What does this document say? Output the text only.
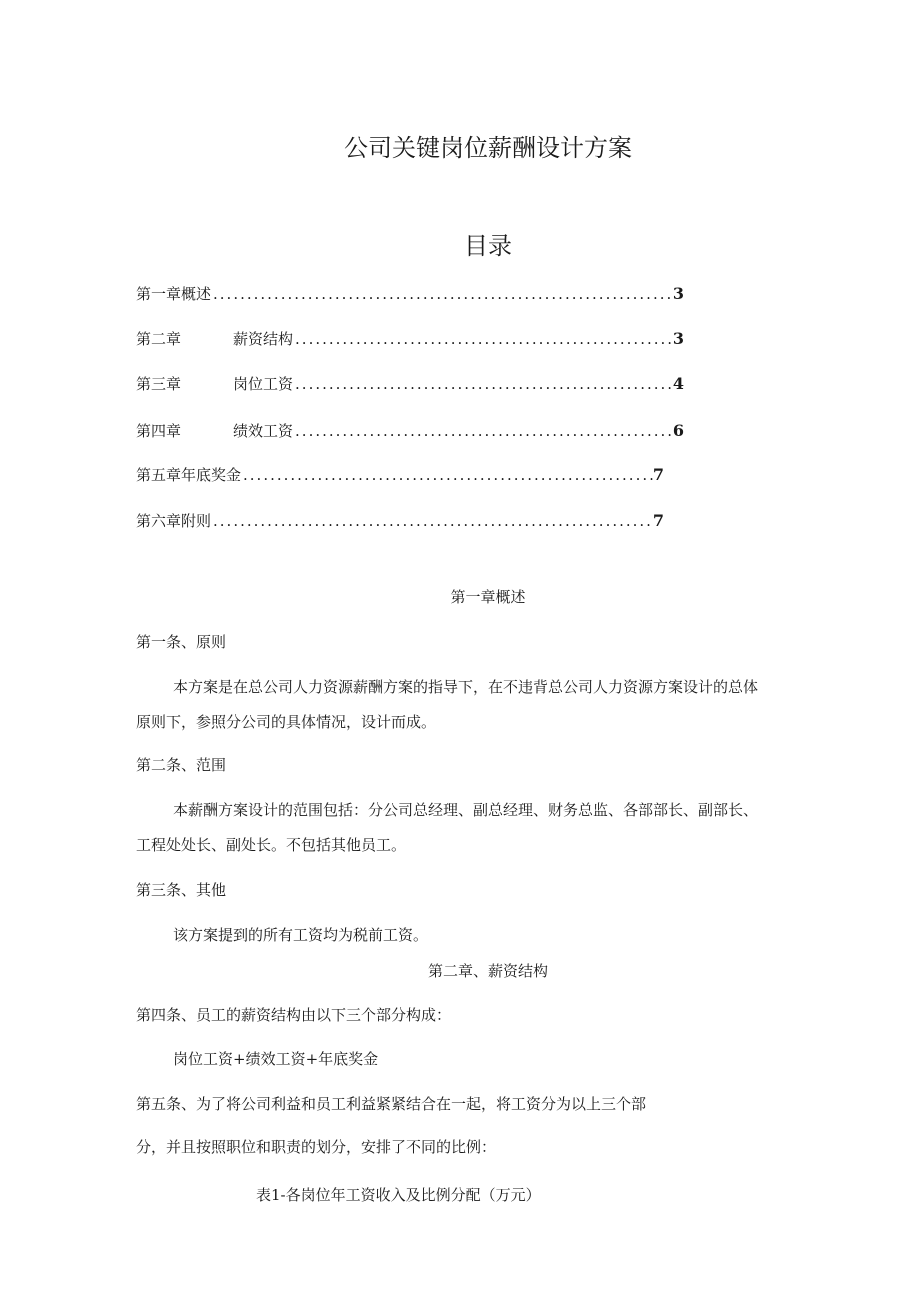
公司关键岗位薪酬设计方案
目录
第一章概述 .....	3
第二章	薪资结构 .....	3
第三章	岗位工资 .....	4
第四章	绩效工资 .....	6
第五章年底奖金 .....	7
第六章附则 .....	7
第一章概述
第一条、原则
本方案是在总公司人力资源薪酬方案的指导下，在不违背总公司人力资源方案设计的总体
原则下，参照分公司的具体情况，设计而成。
第二条、范围
本薪酬方案设计的范围包括：分公司总经理、副总经理、财务总监、各部部长、副部长、
工程处处长、副处长。不包括其他员工。
第三条、其他
该方案提到的所有工资均为税前工资。
第二章、薪资结构
第四条、员工的薪资结构由以下三个部分构成：
岗位工资+绩效工资+年底奖金
第五条、为了将公司利益和员工利益紧紧结合在一起，将工资分为以上三个部
分，并且按照职位和职责的划分，安排了不同的比例：
表1-各岗位年工资收入及比例分配（万元）
